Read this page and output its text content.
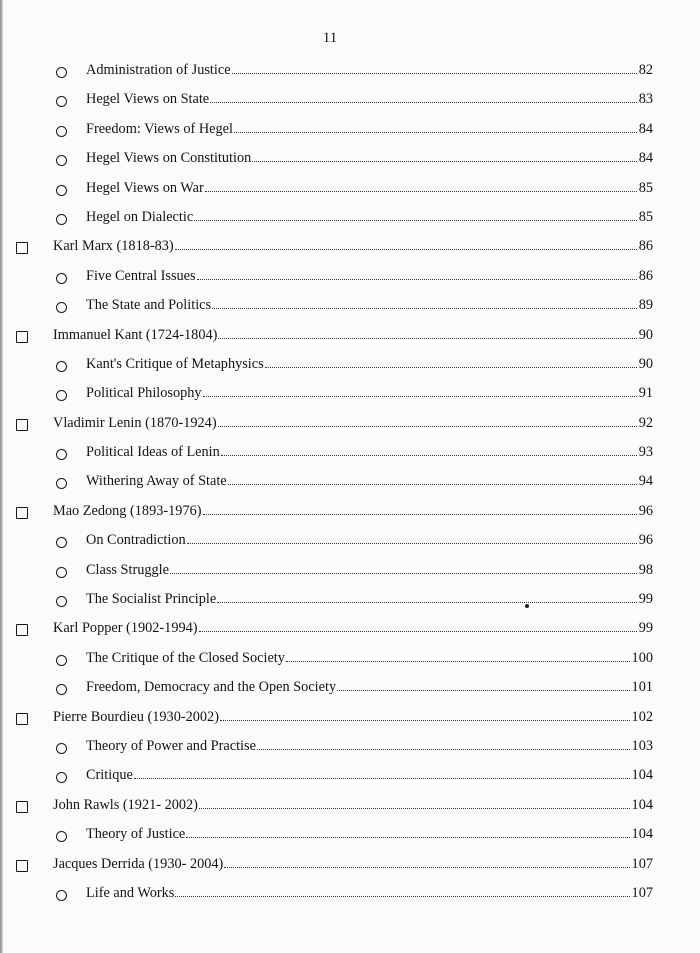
11
Administration of Justice	82
Hegel Views on State	83
Freedom: Views of Hegel	84
Hegel Views on Constitution	84
Hegel Views on War	85
Hegel on Dialectic	85
Karl Marx (1818-83)	86
Five Central Issues	86
The State and Politics	89
Immanuel Kant (1724-1804)	90
Kant's Critique of Metaphysics	90
Political Philosophy	91
Vladimir Lenin (1870-1924)	92
Political Ideas of Lenin	93
Withering Away of State	94
Mao Zedong (1893-1976)	96
On Contradiction	96
Class Struggle	98
The Socialist Principle	99
Karl Popper (1902-1994)	99
The Critique of the Closed Society	100
Freedom, Democracy and the Open Society	101
Pierre Bourdieu (1930-2002)	102
Theory of Power and Practise	103
Critique	104
John Rawls (1921- 2002)	104
Theory of Justice	104
Jacques Derrida (1930- 2004)	107
Life and Works	107
